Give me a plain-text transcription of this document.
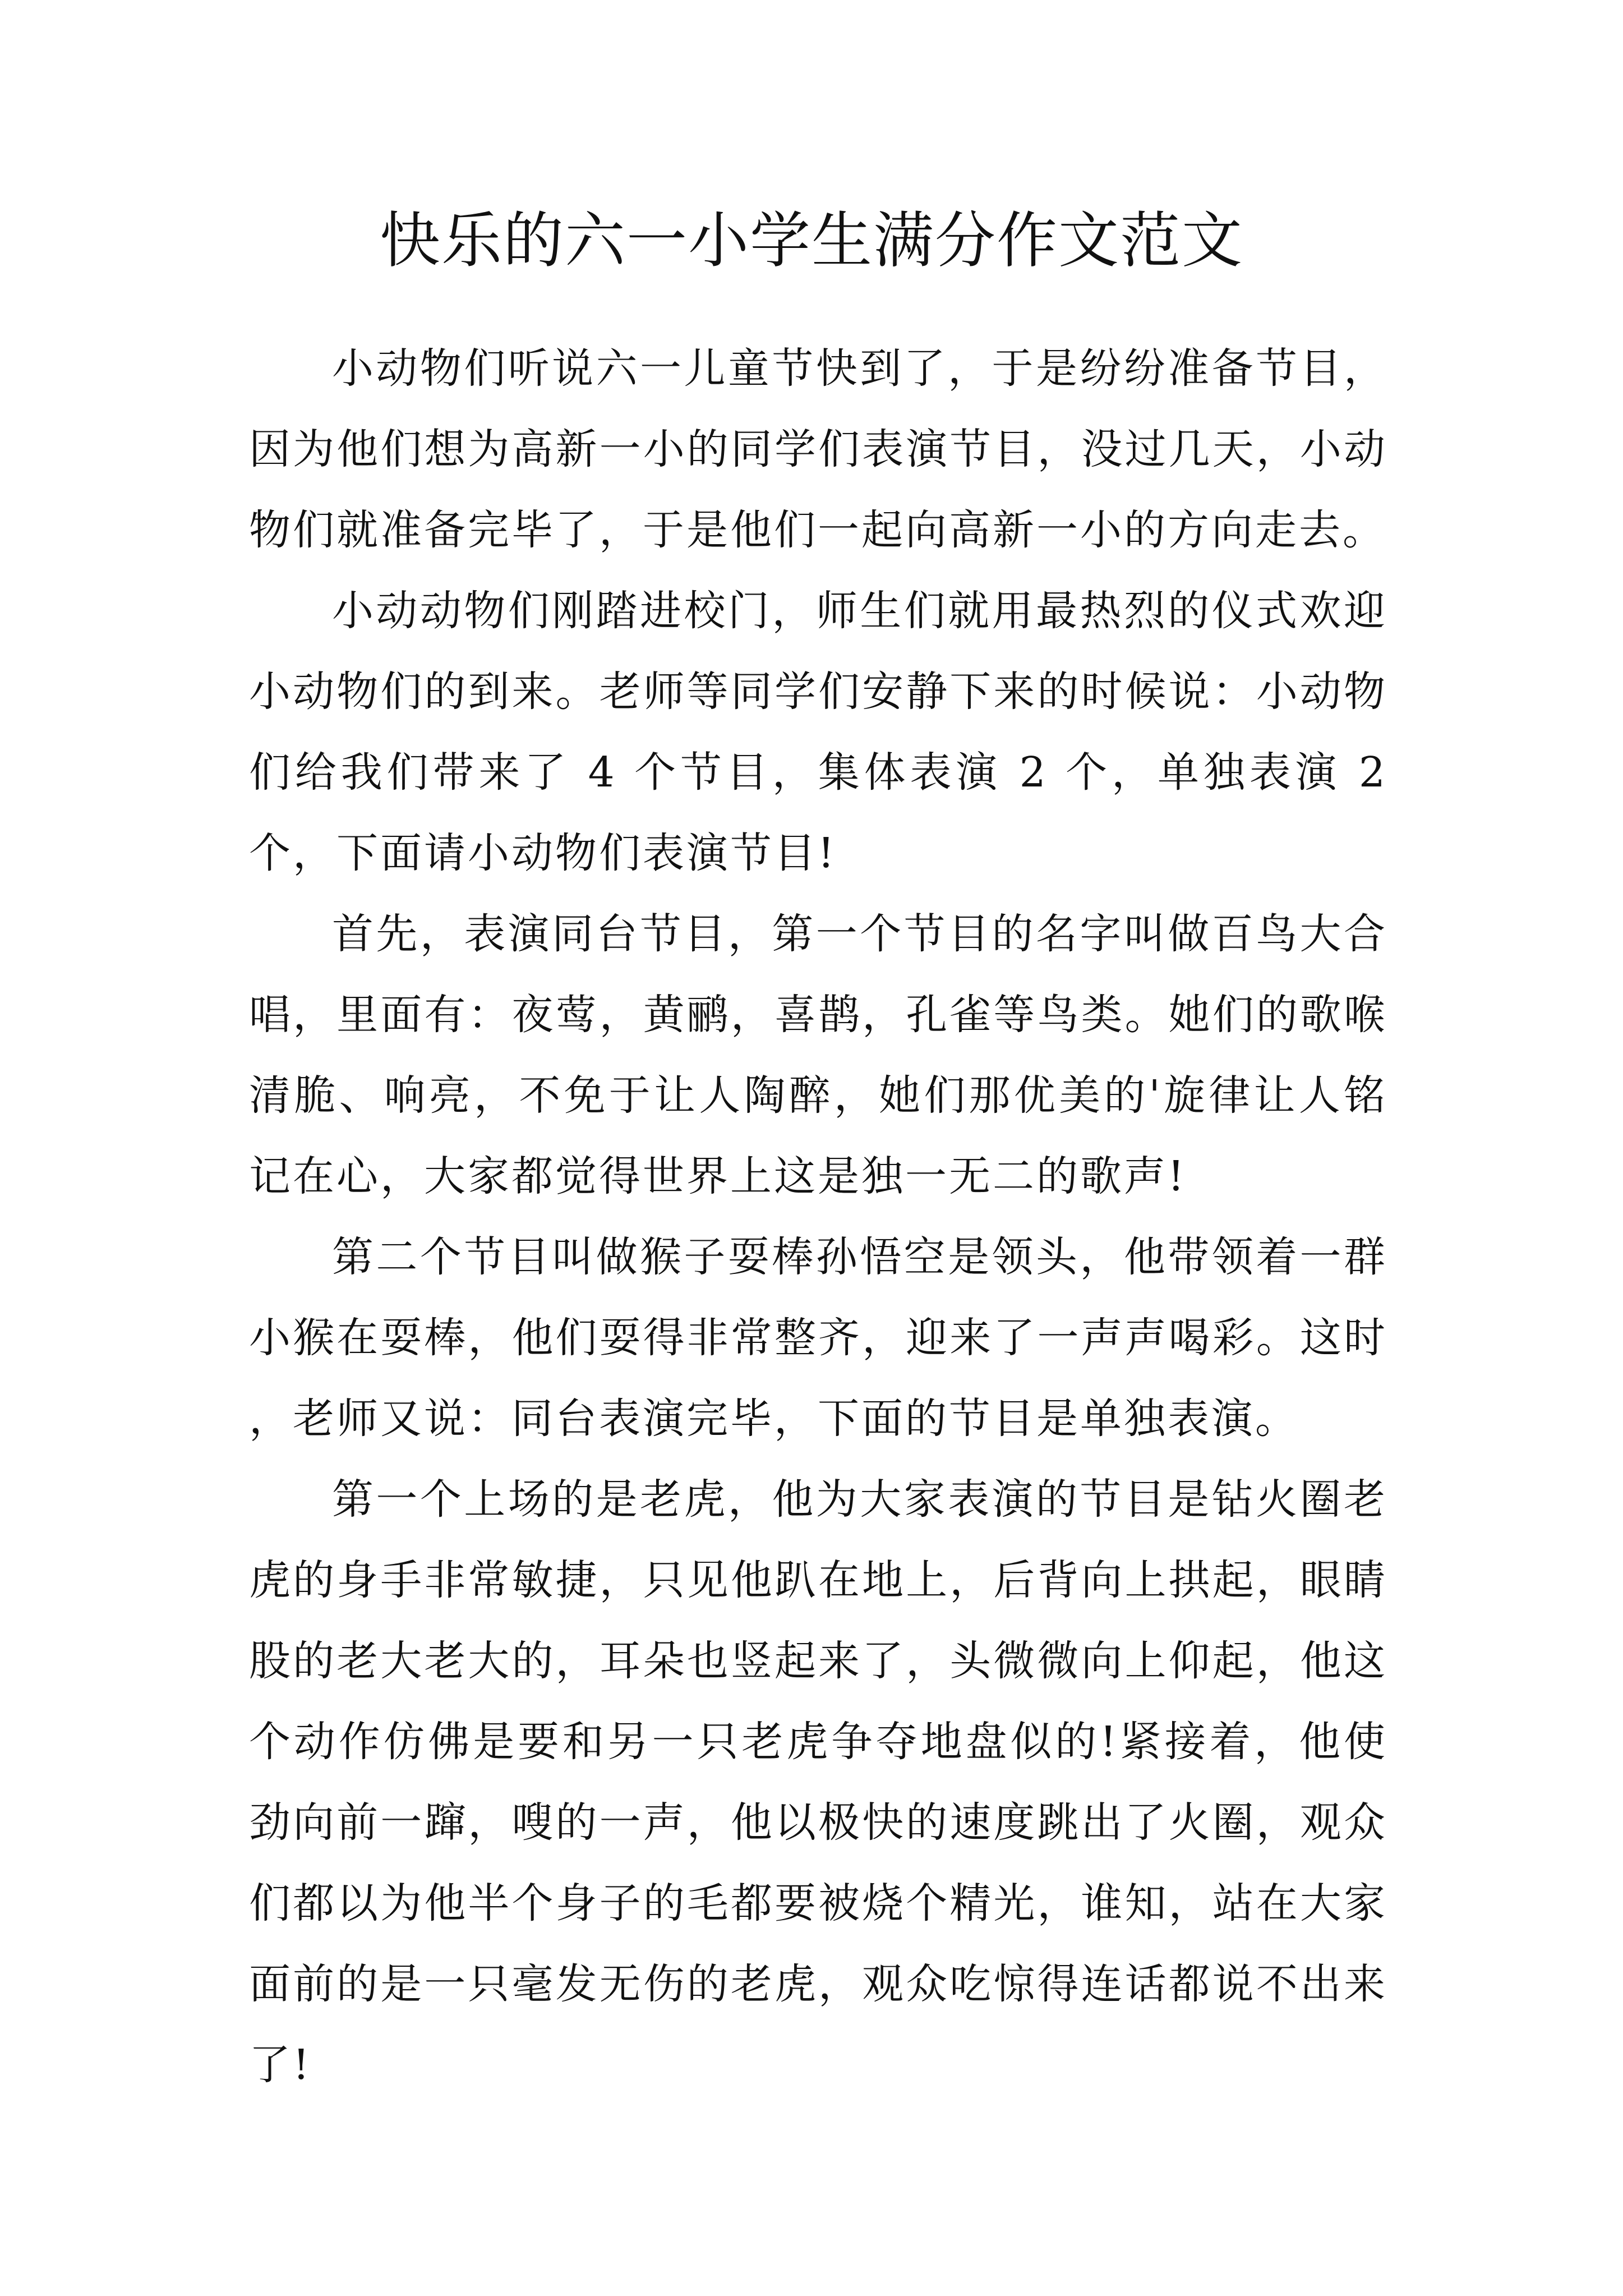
快乐的六一小学生满分作文范文

小动物们听说六一儿童节快到了，于是纷纷准备节目，因为他们想为高新一小的同学们表演节目，没过几天，小动物们就准备完毕了，于是他们一起向高新一小的方向走去。

小动动物们刚踏进校门，师生们就用最热烈的仪式欢迎小动物们的到来。老师等同学们安静下来的时候说：小动物们给我们带来了 4 个节目，集体表演 2 个，单独表演 2 个，下面请小动物们表演节目!

首先，表演同台节目，第一个节目的名字叫做百鸟大合唱，里面有：夜莺，黄鹂，喜鹊，孔雀等鸟类。她们的歌喉清脆、响亮，不免于让人陶醉，她们那优美的'旋律让人铭记在心，大家都觉得世界上这是独一无二的歌声!

第二个节目叫做猴子耍棒孙悟空是领头，他带领着一群小猴在耍棒，他们耍得非常整齐，迎来了一声声喝彩。这时，老师又说：同台表演完毕，下面的节目是单独表演。

第一个上场的是老虎，他为大家表演的节目是钻火圈老虎的身手非常敏捷，只见他趴在地上，后背向上拱起，眼睛股的老大老大的，耳朵也竖起来了，头微微向上仰起，他这个动作仿佛是要和另一只老虎争夺地盘似的!紧接着，他使劲向前一蹿，嗖的一声，他以极快的速度跳出了火圈，观众们都以为他半个身子的毛都要被烧个精光，谁知，站在大家面前的是一只毫发无伤的老虎，观众吃惊得连话都说不出来了!
